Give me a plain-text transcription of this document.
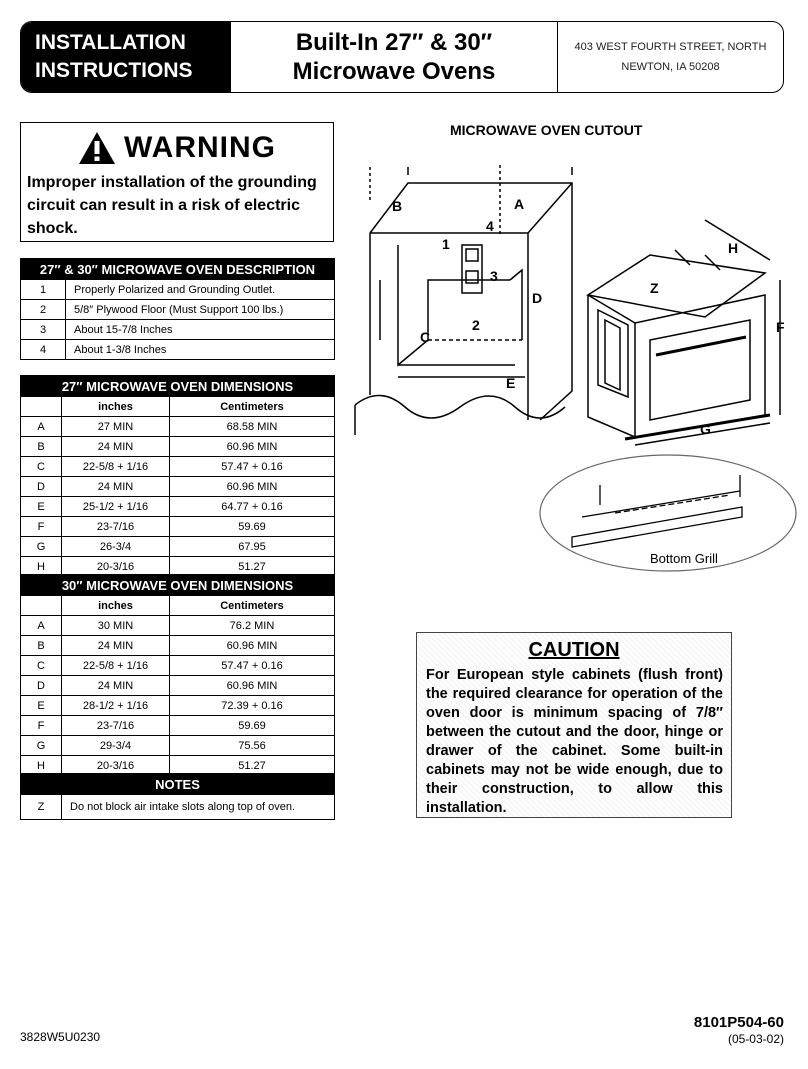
INSTALLATION
INSTRUCTIONS
Built-In 27″ & 30″
Microwave Ovens
403 WEST FOURTH STREET, NORTH
NEWTON, IA 50208
WARNING
Improper installation of the grounding circuit can result in a risk of electric shock.
27″ & 30″ MICROWAVE OVEN DESCRIPTION	
1	Properly Polarized and Grounding Outlet.
2	5/8″ Plywood Floor (Must Support 100 lbs.)
3	About 15-7/8 Inches
4	About 1-3/8 Inches
27″ MICROWAVE OVEN DIMENSIONS		
	inches	Centimeters
A	27 MIN	68.58 MIN
B	24 MIN	60.96 MIN
C	22-5/8 + 1/16	57.47 + 0.16
D	24 MIN	60.96 MIN
E	25-1/2 + 1/16	64.77 + 0.16
F	23-7/16	59.69
G	26-3/4	67.95
H	20-3/16	51.27
30″ MICROWAVE OVEN DIMENSIONS		
	inches	Centimeters
A	30 MIN	76.2 MIN
B	24 MIN	60.96 MIN
C	22-5/8 + 1/16	57.47 + 0.16
D	24 MIN	60.96 MIN
E	28-1/2 + 1/16	72.39 + 0.16
F	23-7/16	59.69
G	29-3/4	75.56
H	20-3/16	51.27
NOTES
Z	Do not block air intake slots along top of oven.
MICROWAVE OVEN CUTOUT
B	A
4
1
3
D
2
C
E
Z
H
F
G
Bottom Grill
CAUTION
For European style cabinets (flush front) the required clearance for operation of the oven door is minimum spacing of 7/8″ between the cutout and the door, hinge or drawer of the cabinet. Some built-in cabinets may not be wide enough, due to their construction, to allow this installation.
3828W5U0230
8101P504-60
(05-03-02)
